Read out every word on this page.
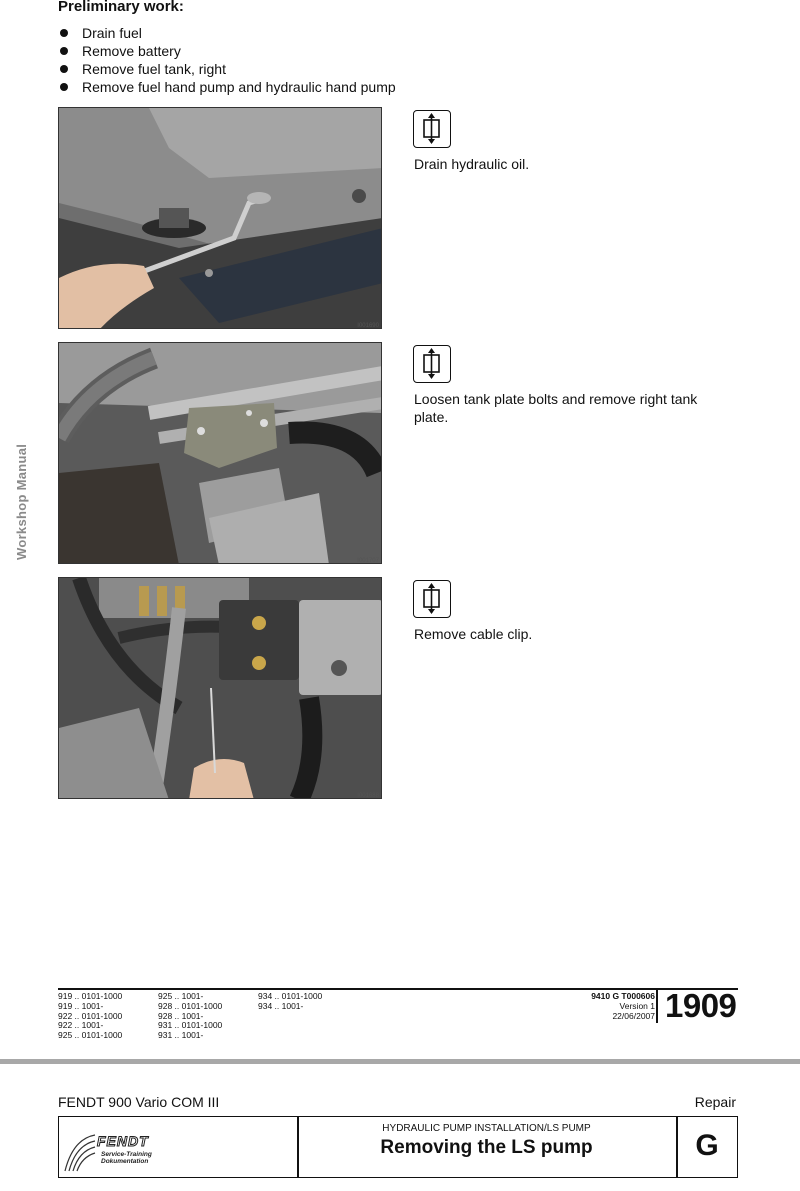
Preliminary work:
Drain fuel
Remove battery
Remove fuel tank, right
Remove fuel hand pump and hydraulic hand pump
Workshop Manual
I001690
Drain hydraulic oil.
I001707
Loosen tank plate bolts and remove right tank plate.
I001688
Remove cable clip.
919 .. 0101-1000
919 .. 1001-
922 .. 0101-1000
922 .. 1001-
925 .. 0101-1000
925 .. 1001-
928 .. 0101-1000
928 .. 1001-
931 .. 0101-1000
931 .. 1001-
934 .. 0101-1000
934 .. 1001-
9410 G T000606
Version 1
22/06/2007 1909
FENDT 900 Vario COM III	Repair
FENDT
Service-Training
Dokumentation
HYDRAULIC PUMP INSTALLATION/LS PUMP
Removing the LS pump	G
